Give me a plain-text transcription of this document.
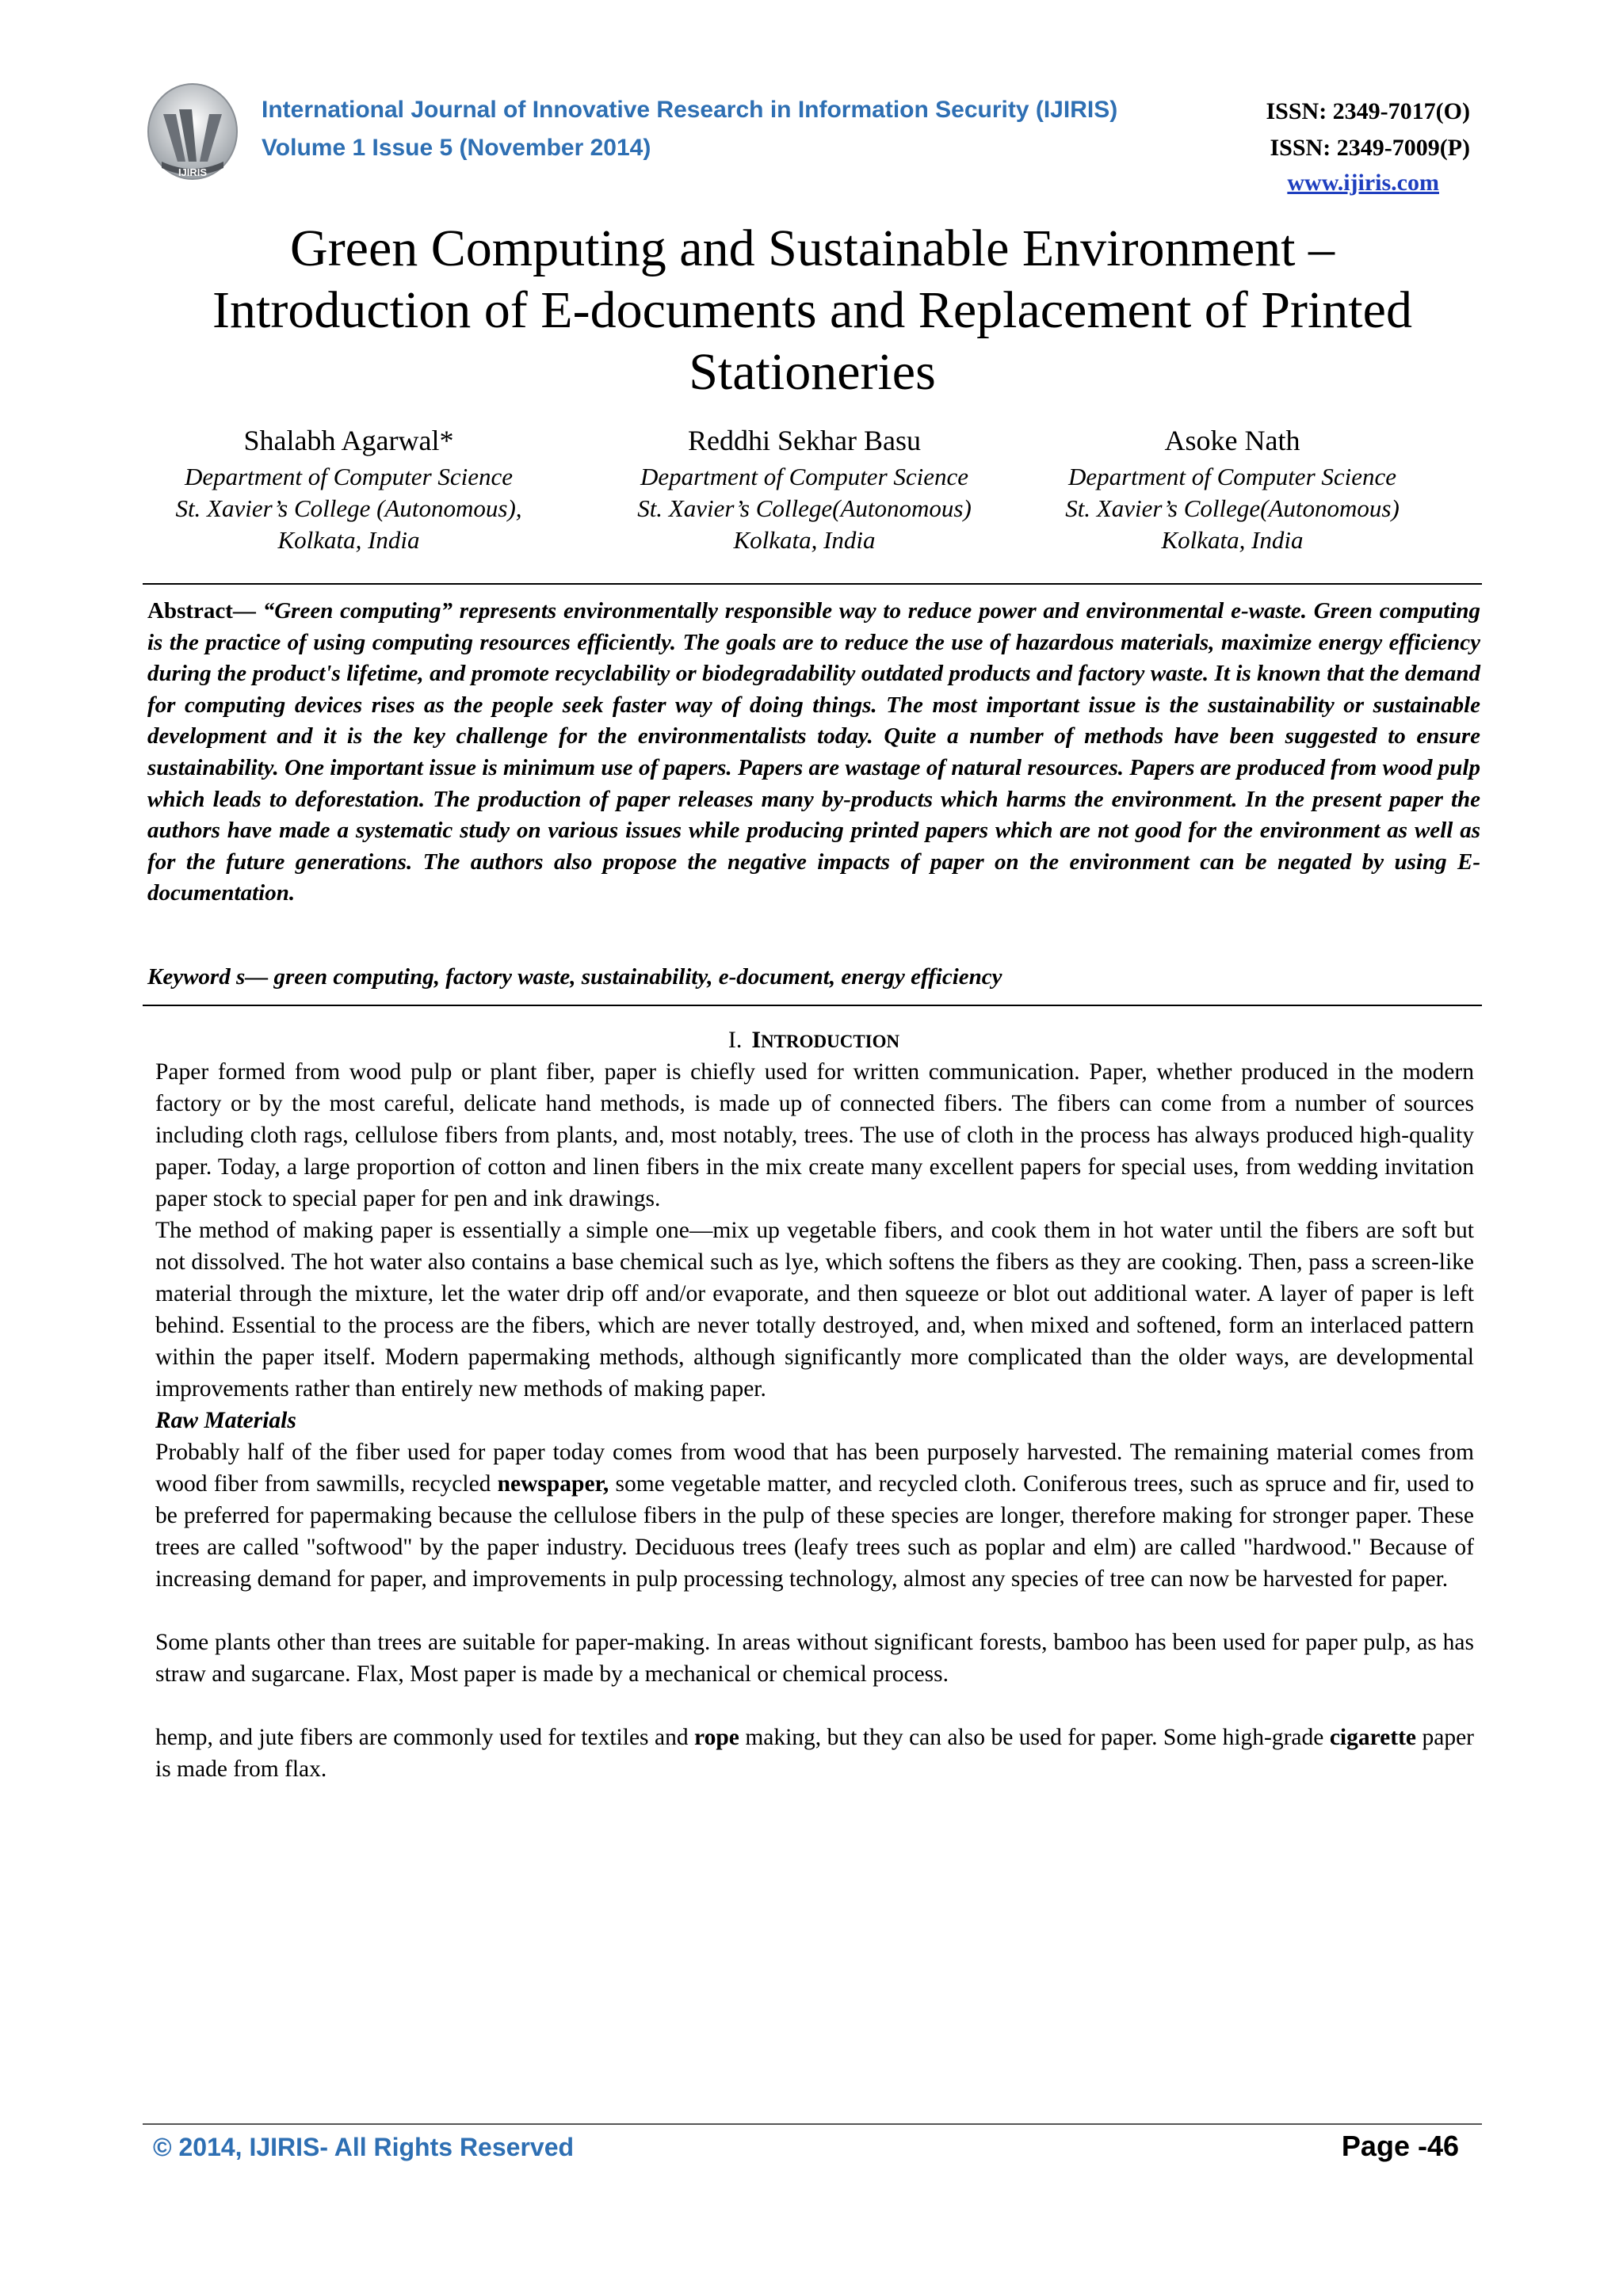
IJIRIS
International Journal of Innovative Research in Information Security (IJIRIS)
Volume 1 Issue 5 (November 2014)
ISSN: 2349-7017(O)
ISSN: 2349-7009(P)
www.ijiris.com
Green Computing and Sustainable Environment –
Introduction of E-documents and Replacement of Printed
Stationeries
Shalabh Agarwal*
Department of Computer Science
St. Xavier’s College (Autonomous),
Kolkata, India
Reddhi Sekhar Basu
Department of Computer Science
St. Xavier’s College(Autonomous)
Kolkata, India
Asoke Nath
Department of Computer Science
St. Xavier’s College(Autonomous)
Kolkata, India
Abstract— “Green computing” represents environmentally responsible way to reduce power and environmental e-waste. Green computing is the practice of using computing resources efficiently. The goals are to reduce the use of hazardous materials, maximize energy efficiency during the product's lifetime, and promote recyclability or biodegradability outdated products and factory waste. It is known that the demand for computing devices rises as the people seek faster way of doing things. The most important issue is the sustainability or sustainable development and it is the key challenge for the environmentalists today. Quite a number of methods have been suggested to ensure sustainability. One important issue is minimum use of papers. Papers are wastage of natural resources. Papers are produced from wood pulp which leads to deforestation. The production of paper releases many by-products which harms the environment. In the present paper the authors have made a systematic study on various issues while producing printed papers which are not good for the environment as well as for the future generations. The authors also propose the negative impacts of paper on the environment can be negated by using E-documentation.
Keyword s— green computing, factory waste, sustainability, e-document, energy efficiency
I. INTRODUCTION

Paper formed from wood pulp or plant fiber, paper is chiefly used for written communication. Paper, whether produced in the modern factory or by the most careful, delicate hand methods, is made up of connected fibers. The fibers can come from a number of sources including cloth rags, cellulose fibers from plants, and, most notably, trees. The use of cloth in the process has always produced high-quality paper. Today, a large proportion of cotton and linen fibers in the mix create many excellent papers for special uses, from wedding invitation paper stock to special paper for pen and ink drawings.

The method of making paper is essentially a simple one—mix up vegetable fibers, and cook them in hot water until the fibers are soft but not dissolved. The hot water also contains a base chemical such as lye, which softens the fibers as they are cooking. Then, pass a screen-like material through the mixture, let the water drip off and/or evaporate, and then squeeze or blot out additional water. A layer of paper is left behind. Essential to the process are the fibers, which are never totally destroyed, and, when mixed and softened, form an interlaced pattern within the paper itself. Modern papermaking methods, although significantly more complicated than the older ways, are developmental improvements rather than entirely new methods of making paper.

Raw Materials

Probably half of the fiber used for paper today comes from wood that has been purposely harvested. The remaining material comes from wood fiber from sawmills, recycled newspaper, some vegetable matter, and recycled cloth. Coniferous trees, such as spruce and fir, used to be preferred for papermaking because the cellulose fibers in the pulp of these species are longer, therefore making for stronger paper. These trees are called "softwood" by the paper industry. Deciduous trees (leafy trees such as poplar and elm) are called "hardwood." Because of increasing demand for paper, and improvements in pulp processing technology, almost any species of tree can now be harvested for paper.

Some plants other than trees are suitable for paper-making. In areas without significant forests, bamboo has been used for paper pulp, as has straw and sugarcane. Flax, Most paper is made by a mechanical or chemical process.

hemp, and jute fibers are commonly used for textiles and rope making, but they can also be used for paper. Some high-grade cigarette paper is made from flax.

© 2014, IJIRIS- All Rights Reserved	Page -46
